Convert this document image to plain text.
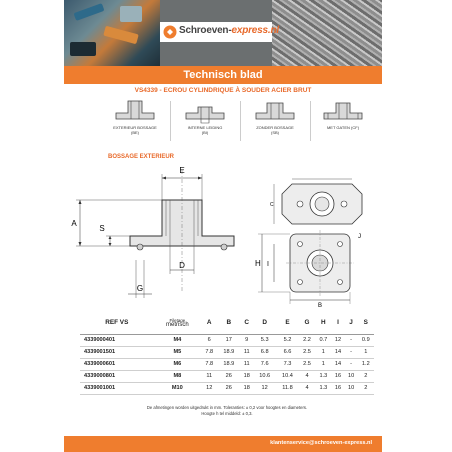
Schroeven-express.nl
Technisch blad
VS4339 - ECROU CYLINDRIQUE À SOUDER ACIER BRUT
EXTERIEUR BOSSAGE
(BE)
INTERNE LEIDING
(BI)
ZONDER BOSSAGE
(SB)
MET GATEN (CF)
BOSSAGE EXTERIEUR
E
A
S
D
G
C
H I
B
J
REF VS	Filetage
metrisch	A	B	C	D	E	G	H	I	J	S
4339000401	M4	6	17	9	5.3	5.2	2.2	0.7	12	-	0.9
4339001501	M5	7.8	18.9	11	6.8	6.6	2.5	1	14	-	1
4339000601	M6	7.8	18.9	11	7.6	7.3	2.5	1	14	-	1.2
4339000801	M8	11	26	18	10.6	10.4	4	1.3	16	10	2
4339001001	M10	12	26	18	12	11.8	4	1.3	16	10	2
De afmetingen worden uitgedrukt in mm. Toleranties: ± 0,2 voor hoogtes en diameters.
Hoogte h tel middeld: ± 0,3.
klantenservice@schroeven-express.nl
